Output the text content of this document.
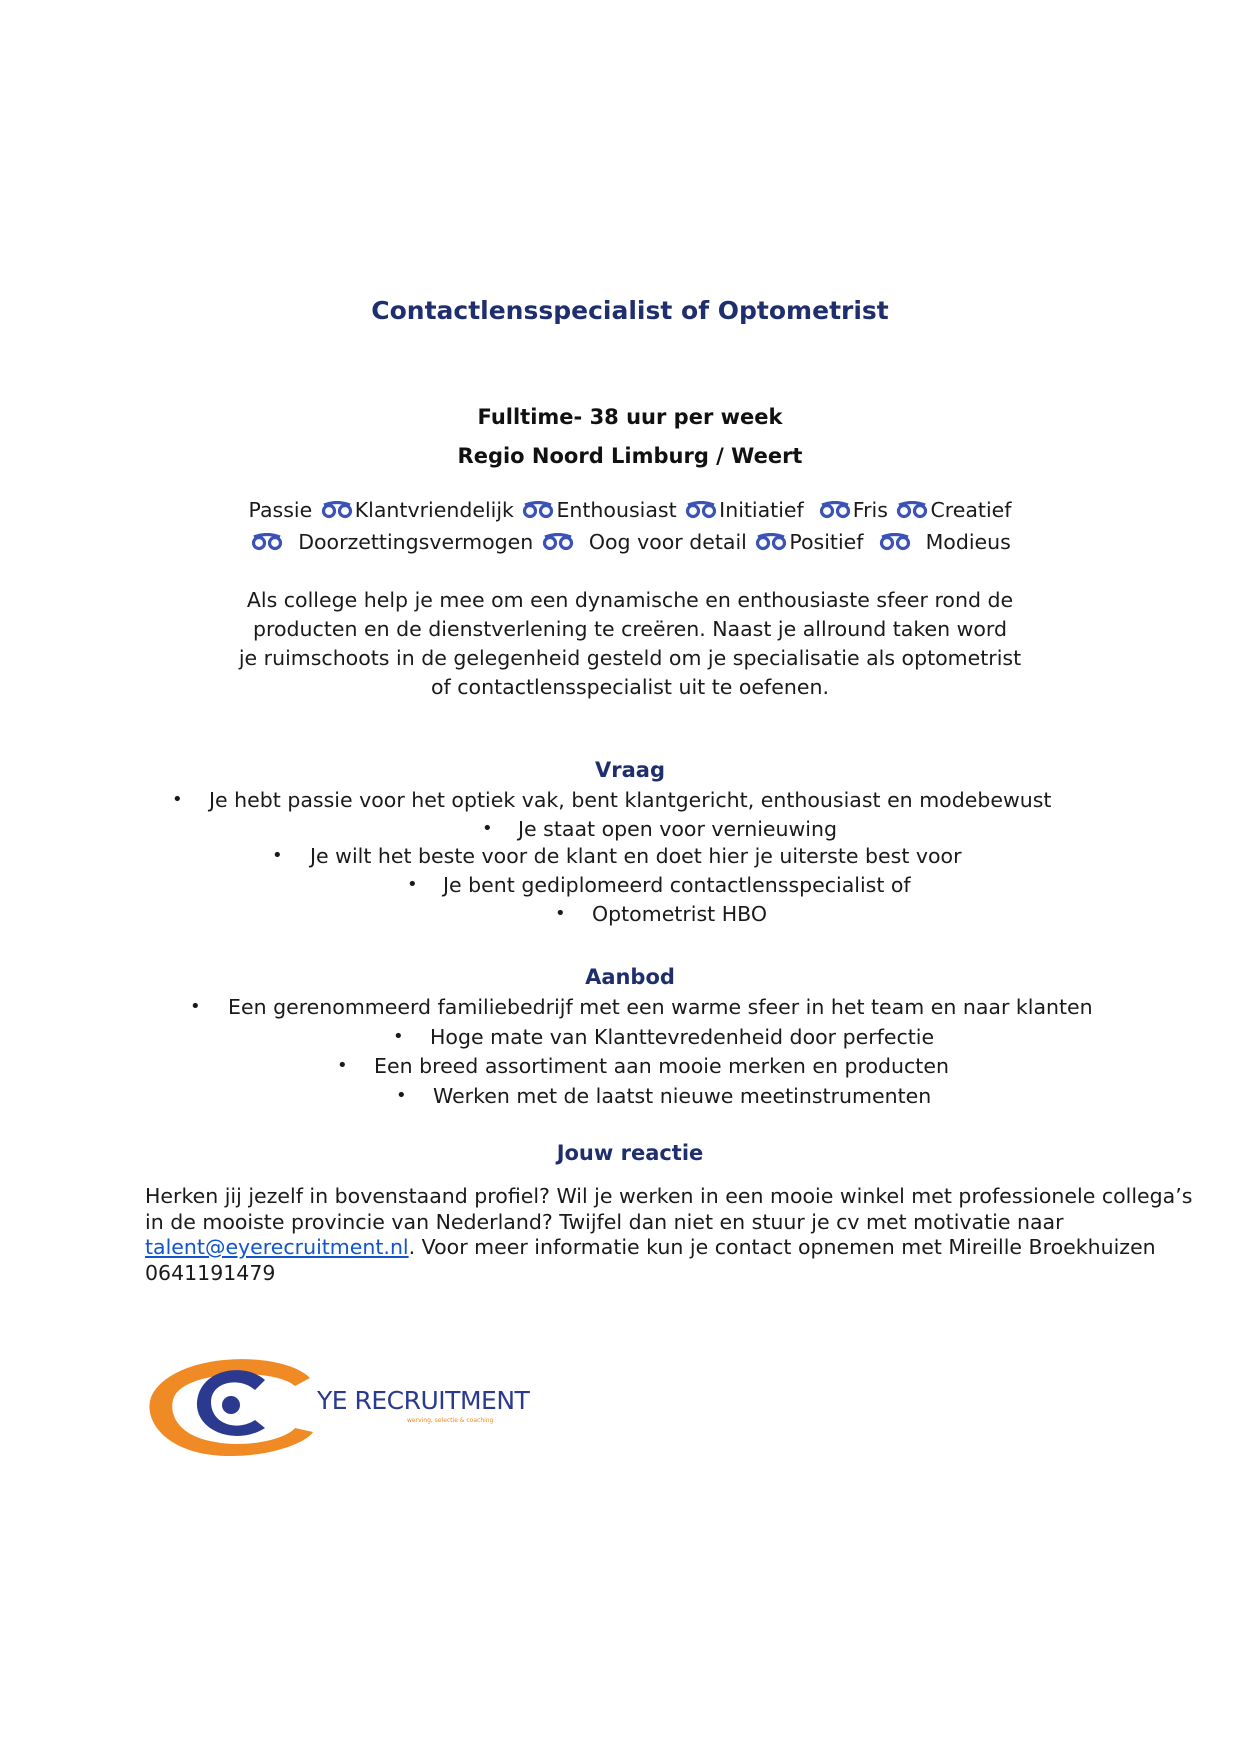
Contactlensspecialist of Optometrist

Fulltime- 38 uur per week

Regio Noord Limburg / Weert

Passie Klantvriendelijk Enthousiast Initiatief Fris Creatief
Doorzettingsvermogen	Oog voor detail Positief	Modieus
Als college help je mee om een dynamische en enthousiaste sfeer rond de
producten en de dienstverlening te creëren. Naast je allround taken word
je ruimschoots in de gelegenheid gesteld om je specialisatie als optometrist
of contactlensspecialist uit te oefenen.
Vraag
• Je hebt passie voor het optiek vak, bent klantgericht, enthousiast en modebewust
• Je staat open voor vernieuwing
• Je wilt het beste voor de klant en doet hier je uiterste best voor
• Je bent gediplomeerd contactlensspecialist of
• Optometrist HBO
Aanbod
• Een gerenommeerd familiebedrijf met een warme sfeer in het team en naar klanten
• Hoge mate van Klanttevredenheid door perfectie
• Een breed assortiment aan mooie merken en producten
• Werken met de laatst nieuwe meetinstrumenten
Jouw reactie
Herken jij jezelf in bovenstaand profiel? Wil je werken in een mooie winkel met professionele collega’s
in de mooiste provincie van Nederland? Twijfel dan niet en stuur je cv met motivatie naar
talent@eyerecruitment.nl. Voor meer informatie kun je contact opnemen met Mireille Broekhuizen
0641191479
YE RECRUITMENT
werving, selectie & coaching
